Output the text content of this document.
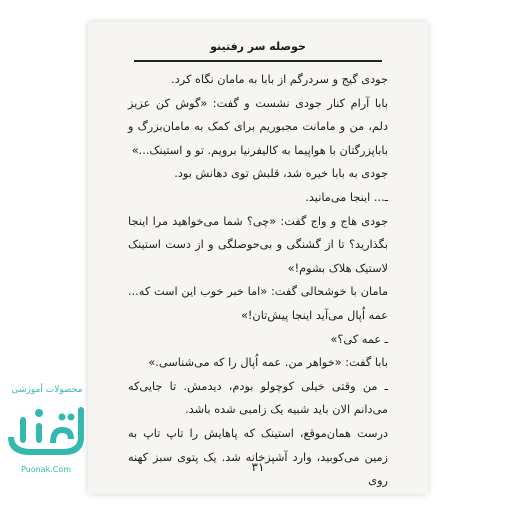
حوصله سر رفتینو

جودی گیج و سردرگم از بابا به مامان نگاه کرد.

بابا آرام کنار جودی نشست و گفت: «گوش کن عزیز دلم، من و مامانت مجبوریم برای کمک به مامان‌بزرگ و باباپزرگتان با هواپیما به کالیفرنیا برویم. تو و استینک...»

جودی به بابا خیره شد، قلبش توی دهانش بود.

ـ... اینجا می‌مانید.

جودی هاج و واج گفت: «چی؟ شما می‌خواهید مرا اینجا بگذارید؟ تا از گشنگی و بی‌حوصلگی و از دست استینک لاستیک هلاک بشوم!»

مامان با خوشحالی گفت: «اما خبر خوب این است که... عمه اُپال می‌آید اینجا پیش‌تان!»

ـ عمه کی؟»

بابا گفت: «خواهر من. عمه اُپال را که می‌شناسی.»

ـ من وقتی خیلی کوچولو بودم، دیدمش. تا جایی‌که می‌دانم الان باید شبیه یک زامبی شده باشد.

درست همان‌موقع، استینک که پاهایش را تاپ تاپ به زمین می‌کوبید، وارد آشپزخانه شد. یک پتوی سبز کهنه روی

۳۱
محصولات آموزشی
Puonak.Com
